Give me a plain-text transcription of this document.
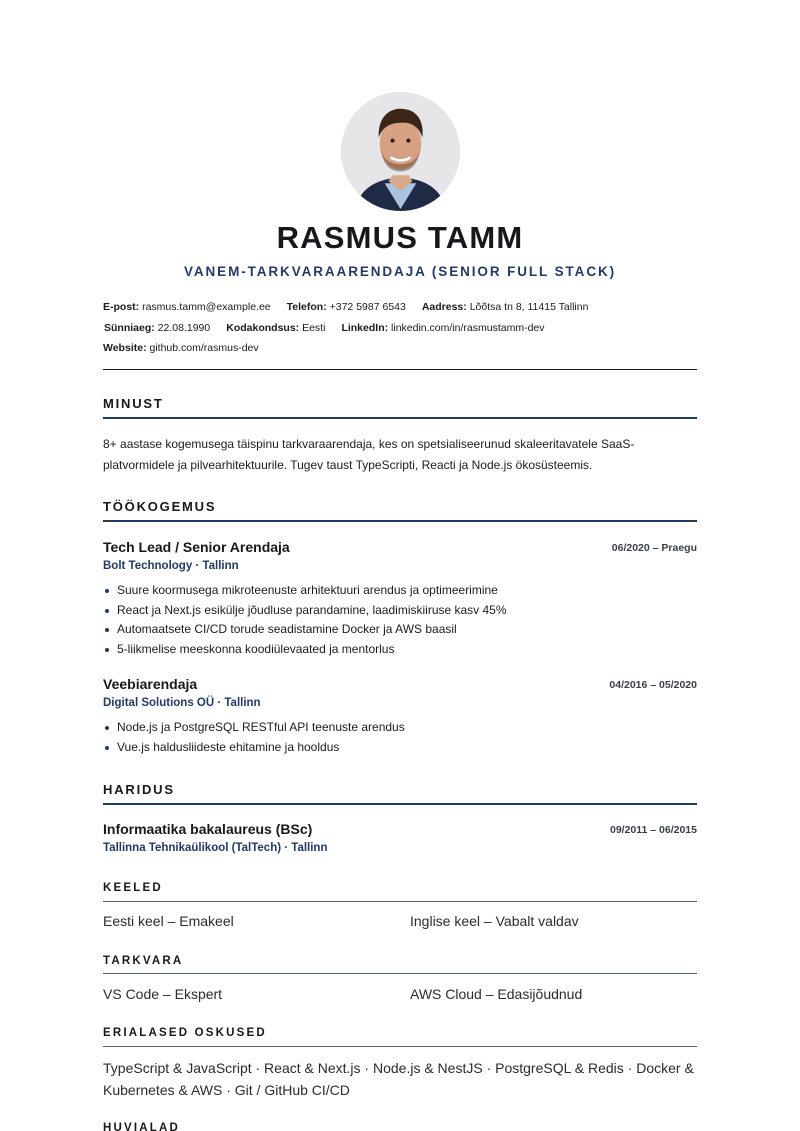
RASMUS TAMM
VANEM-TARKVARAARENDAJA (SENIOR FULL STACK)
E-post: rasmus.tamm@example.ee Telefon: +372 5987 6543 Aadress: Lõõtsa tn 8, 11415 Tallinn
Sünniaeg: 22.08.1990 Kodakondsus: Eesti LinkedIn: linkedin.com/in/rasmustamm-dev
Website: github.com/rasmus-dev
MINUST
8+ aastase kogemusega täispinu tarkvaraarendaja, kes on spetsialiseerunud skaleeritavatele SaaS-platvormidele ja pilvearhitektuurile. Tugev taust TypeScripti, Reacti ja Node.js ökosüsteemis.
TÖÖKOGEMUS
Tech Lead / Senior Arendaja	06/2020 – Praegu
Bolt Technology · Tallinn
Suure koormusega mikroteenuste arhitektuuri arendus ja optimeerimine
React ja Next.js esikülje jõudluse parandamine, laadimiskiiruse kasv 45%
Automaatsete CI/CD torude seadistamine Docker ja AWS baasil
5-liikmelise meeskonna koodiülevaated ja mentorlus
Veebiarendaja	04/2016 – 05/2020
Digital Solutions OÜ · Tallinn
Node.js ja PostgreSQL RESTful API teenuste arendus
Vue.js haldusliideste ehitamine ja hooldus
HARIDUS
Informaatika bakalaureus (BSc)	09/2011 – 06/2015
Tallinna Tehnikaülikool (TalTech) · Tallinn
KEELED
Eesti keel – Emakeel	Inglise keel – Vabalt valdav
TARKVARA
VS Code – Ekspert	AWS Cloud – Edasijõudnud
ERIALASED OSKUSED
TypeScript & JavaScript · React & Next.js · Node.js & NestJS · PostgreSQL & Redis · Docker & Kubernetes & AWS · Git / GitHub CI/CD
HUVIALAD
